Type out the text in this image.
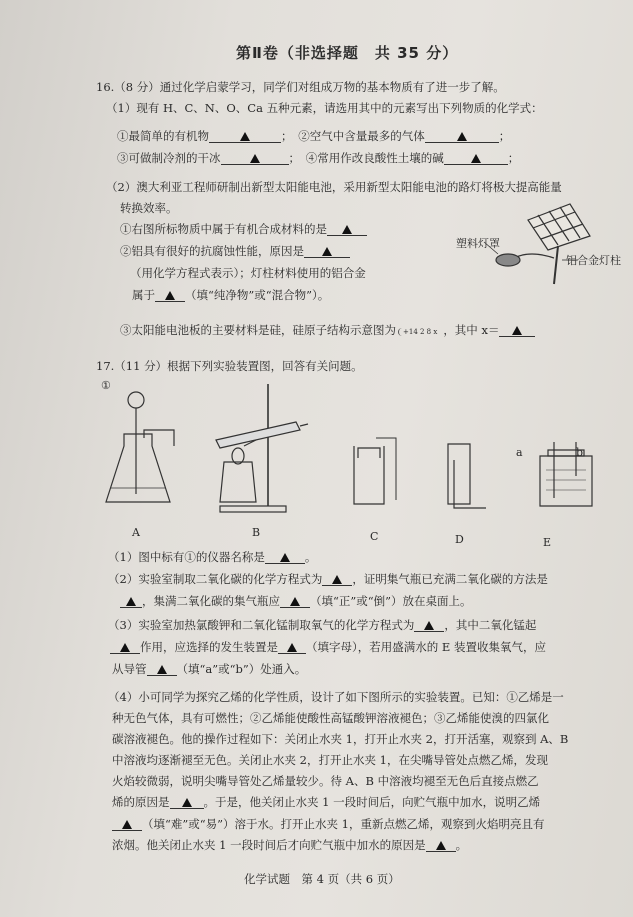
第Ⅱ卷（非选择题　共 35 分）
16.（8 分）通过化学启蒙学习，同学们对组成万物的基本物质有了进一步了解。
（1）现有 H、C、N、O、Ca 五种元素，请选用其中的元素写出下列物质的化学式：
①最简单的有机物	；　②空气中含量最多的气体	；
③可做制冷剂的干冰	；　④常用作改良酸性土壤的碱	；
（2）澳大利亚工程师研制出新型太阳能电池，采用新型太阳能电池的路灯将极大提高能量
转换效率。
①右图所标物质中属于有机合成材料的是
②铝具有很好的抗腐蚀性能，原因是
（用化学方程式表示）；灯柱材料使用的铝合金
属于	（填“纯净物”或“混合物”）。
③太阳能电池板的主要材料是硅，硅原子结构示意图为 +14 2 8 x ，其中 x＝
塑料灯罩
铝合金灯柱
17.（11 分）根据下列实验装置图，回答有关问题。
①
a	b
A	B	C	D	E
（1）图中标有①的仪器名称是	。
（2）实验室制取二氧化碳的化学方程式为	，证明集气瓶已充满二氧化碳的方法是
，集满二氧化碳的集气瓶应	（填“正”或“倒”）放在桌面上。
（3）实验室加热氯酸钾和二氧化锰制取氧气的化学方程式为	，其中二氧化锰起
作用，应选择的发生装置是 （填字母），若用盛满水的 E 装置收集氧气，应
从导管	（填“a”或“b”）处通入。
（4）小可同学为探究乙烯的化学性质，设计了如下图所示的实验装置。已知：①乙烯是一
种无色气体，具有可燃性；②乙烯能使酸性高锰酸钾溶液褪色；③乙烯能使溴的四氯化
碳溶液褪色。他的操作过程如下：关闭止水夹 1，打开止水夹 2，打开活塞，观察到 A、B
中溶液均逐渐褪至无色。关闭止水夹 2，打开止水夹 1，在尖嘴导管处点燃乙烯，发现
火焰较微弱，说明尖嘴导管处乙烯量较少。待 A、B 中溶液均褪至无色后直接点燃乙
烯的原因是	。于是，他关闭止水夹 1 一段时间后，向贮气瓶中加水，说明乙烯
（填“难”或“易”）溶于水。打开止水夹 1，重新点燃乙烯，观察到火焰明亮且有
浓烟。他关闭止水夹 1 一段时间后才向贮气瓶中加水的原因是	。
化学试题　第 4 页（共 6 页）
